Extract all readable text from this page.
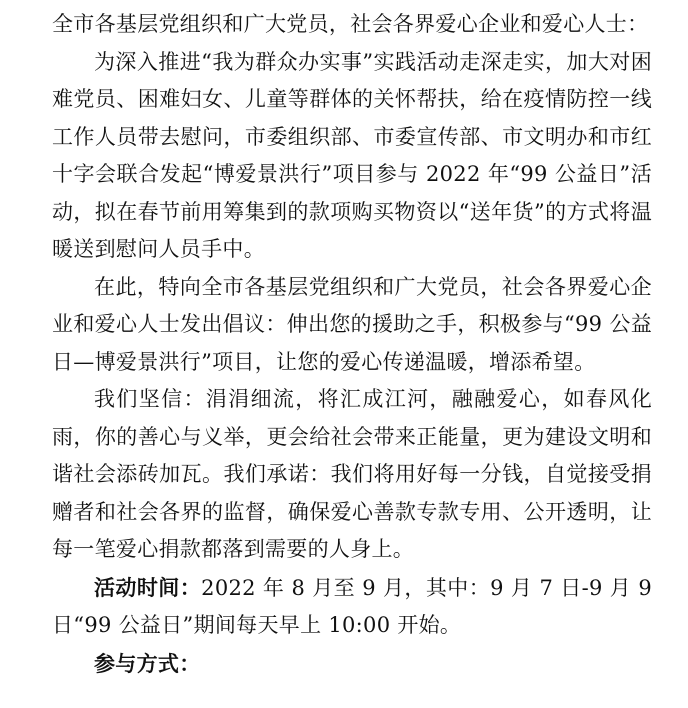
全市各基层党组织和广大党员，社会各界爱心企业和爱心人士：

为深入推进“我为群众办实事”实践活动走深走实，加大对困难党员、困难妇女、儿童等群体的关怀帮扶，给在疫情防控一线工作人员带去慰问，市委组织部、市委宣传部、市文明办和市红十字会联合发起“博爱景洪行”项目参与 2022 年“99 公益日”活动，拟在春节前用筹集到的款项购买物资以“送年货”的方式将温暖送到慰问人员手中。

在此，特向全市各基层党组织和广大党员，社会各界爱心企业和爱心人士发出倡议：伸出您的援助之手，积极参与“99 公益日—博爱景洪行”项目，让您的爱心传递温暖，增添希望。

我们坚信：涓涓细流，将汇成江河，融融爱心，如春风化雨，你的善心与义举，更会给社会带来正能量，更为建设文明和谐社会添砖加瓦。我们承诺：我们将用好每一分钱，自觉接受捐赠者和社会各界的监督，确保爱心善款专款专用、公开透明，让每一笔爱心捐款都落到需要的人身上。

活动时间：2022 年 8 月至 9 月，其中：9 月 7 日-9 月 9 日“99 公益日”期间每天早上 10:00 开始。

参与方式：
